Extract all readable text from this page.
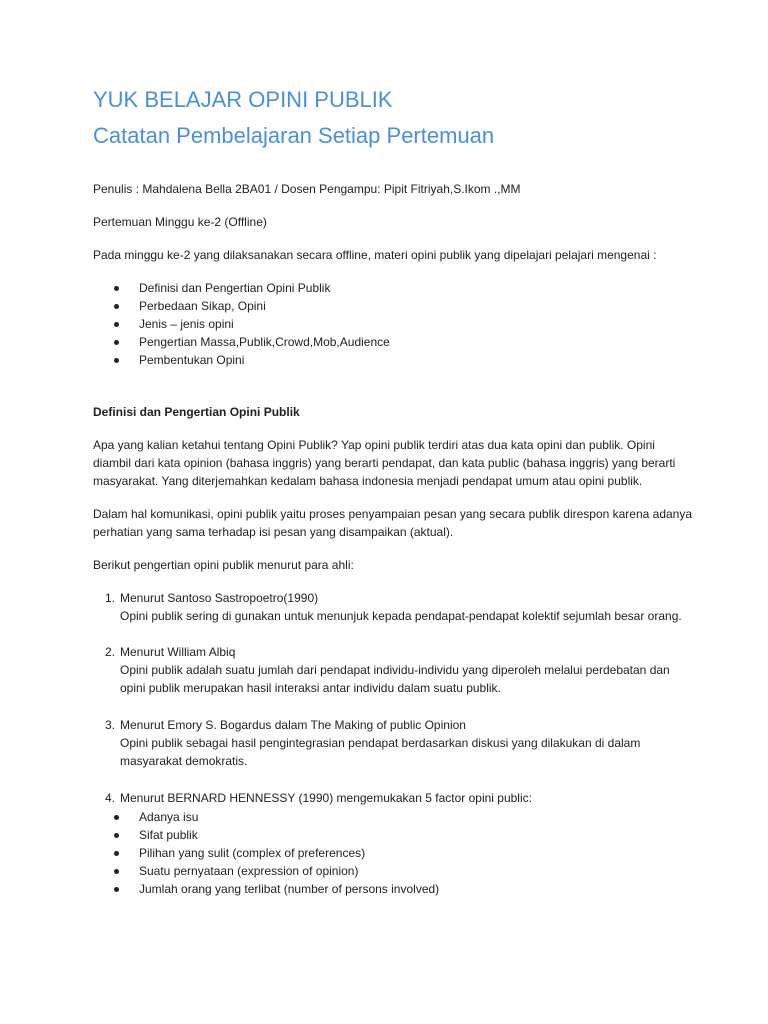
YUK BELAJAR OPINI PUBLIK
Catatan Pembelajaran Setiap Pertemuan

Penulis : Mahdalena Bella 2BA01 / Dosen Pengampu: Pipit Fitriyah,S.Ikom .,MM

Pertemuan Minggu ke-2 (Offline)

Pada minggu ke-2 yang dilaksanakan secara offline, materi opini publik yang dipelajari pelajari mengenai :

Definisi dan Pengertian Opini Publik
Perbedaan Sikap, Opini
Jenis – jenis opini
Pengertian Massa,Publik,Crowd,Mob,Audience
Pembentukan Opini

Definisi dan Pengertian Opini Publik

Apa yang kalian ketahui tentang Opini Publik? Yap opini publik terdiri atas dua kata opini dan publik. Opini
diambil dari kata opinion (bahasa inggris) yang berarti pendapat, dan kata public (bahasa inggris) yang berarti
masyarakat. Yang diterjemahkan kedalam bahasa indonesia menjadi pendapat umum atau opini publik.
Dalam hal komunikasi, opini publik yaitu proses penyampaian pesan yang secara publik direspon karena adanya
perhatian yang sama terhadap isi pesan yang disampaikan (aktual).

Berikut pengertian opini publik menurut para ahli:

1. Menurut Santoso Sastropoetro(1990)
Opini publik sering di gunakan untuk menunjuk kepada pendapat-pendapat kolektif sejumlah besar orang.
2. Menurut William Albiq
Opini publik adalah suatu jumlah dari pendapat individu-individu yang diperoleh melalui perdebatan dan
opini publik merupakan hasil interaksi antar individu dalam suatu publik.
3. Menurut Emory S. Bogardus dalam The Making of public Opinion
Opini publik sebagai hasil pengintegrasian pendapat berdasarkan diskusi yang dilakukan di dalam
masyarakat demokratis.
4. Menurut BERNARD HENNESSY (1990) mengemukakan 5 factor opini public:
Adanya isu
Sifat publik
Pilihan yang sulit (complex of preferences)
Suatu pernyataan (expression of opinion)
Jumlah orang yang terlibat (number of persons involved)
